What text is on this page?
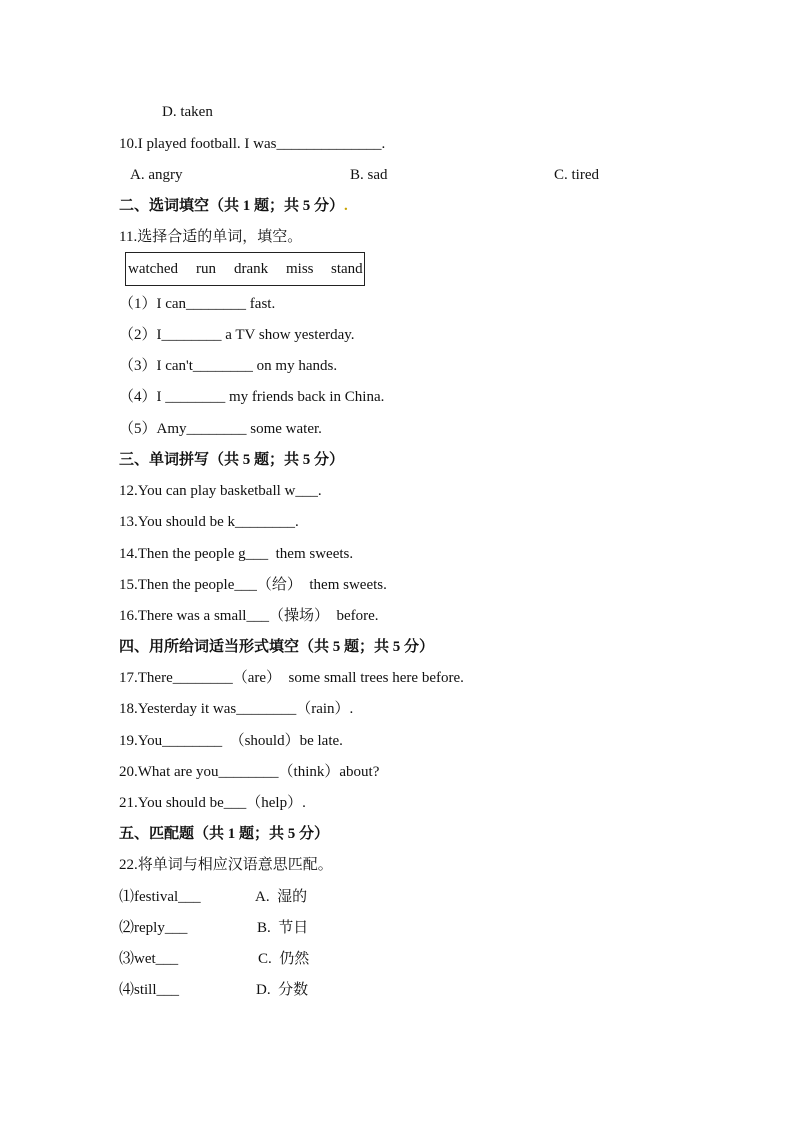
D. taken
10.I played football. I was______________.
A. angry	B. sad	C. tired
二、选词填空（共 1 题；共 5 分）.
11.选择合适的单词，填空。
watched run drank miss stand
（1）I can________ fast.
（2）I________ a TV show yesterday.
（3）I can't________ on my hands.
（4）I ________ my friends back in China.
（5）Amy________ some water.
三、单词拼写（共 5 题；共 5 分）
12.You can play basketball w___.
13.You should be k________.
14.Then the people g___  them sweets.
15.Then the people___（给）  them sweets.
16.There was a small___（操场）  before.
四、用所给词适当形式填空（共 5 题；共 5 分）
17.There________（are）  some small trees here before.
18.Yesterday it was________（rain）.
19.You________  （should）be late.
20.What are you________（think）about?
21.You should be___（help）.
五、匹配题（共 1 题；共 5 分）
22.将单词与相应汉语意思匹配。
⑴festival___	A.  湿的
⑵reply___	B.  节日
⑶wet___	C.  仍然
⑷still___	D.  分数
